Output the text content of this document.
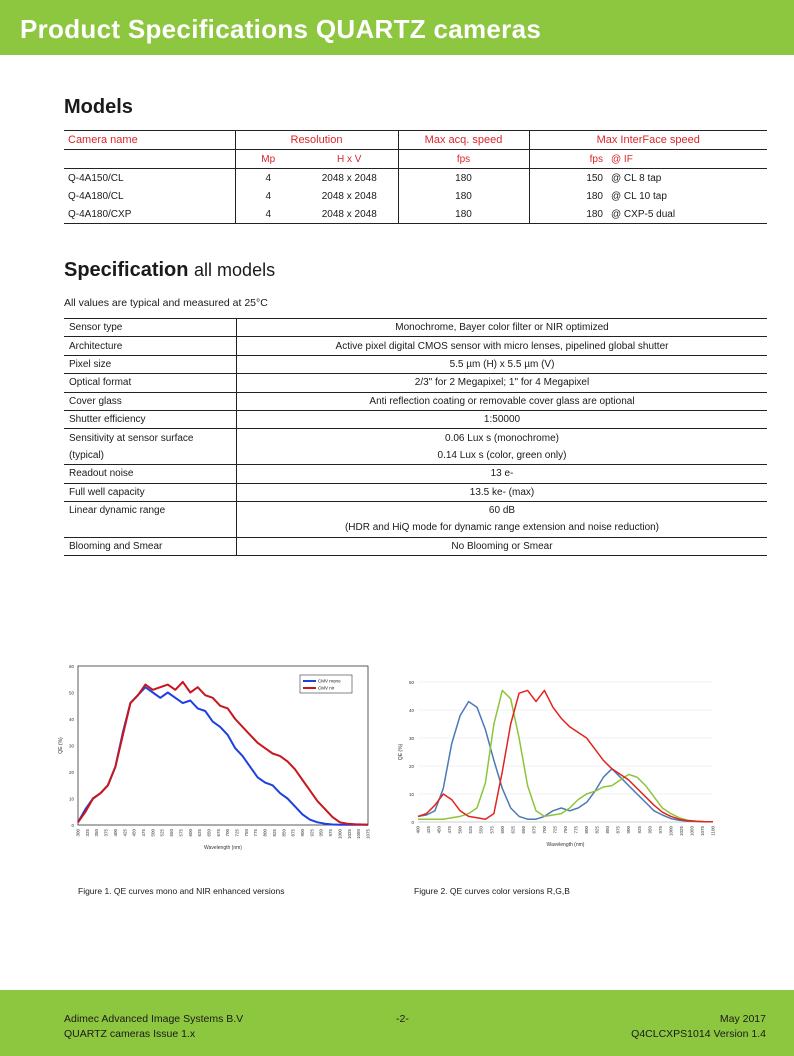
Product Specifications QUARTZ cameras
Models
Camera name	Resolution		Max acq. speed	Max InterFace speed	
	Mp	H x V	fps	fps	@ IF
Q-4A150/CL	4	2048 x 2048	180	150	@ CL 8 tap
Q-4A180/CL	4	2048 x 2048	180	180	@ CL 10 tap
Q-4A180/CXP	4	2048 x 2048	180	180	@ CXP-5 dual
Specification all models
All values are typical and measured at 25°C
Sensor type	Monochrome, Bayer color filter or NIR optimized
Architecture	Active pixel digital CMOS sensor with micro lenses, pipelined global shutter
Pixel size	5.5 µm (H) x 5.5 µm (V)
Optical format	2/3" for 2 Megapixel; 1" for 4 Megapixel
Cover glass	Anti reflection coating or removable cover glass are optional
Shutter efficiency	1:50000
Sensitivity at sensor surface	0.06 Lux s (monochrome)
(typical)	0.14 Lux s (color, green only)
Readout noise	13 e-
Full well capacity	13.5 ke- (max)
Linear dynamic range	60 dB
	(HDR and HiQ mode for dynamic range extension and noise reduction)
Blooming and Smear	No Blooming or Smear
0
10
20
30
40
50
60
300 325 350 375 400 425 450 475 500 525 550 575 600 625 650 675 700 725 750 775 800 825 850 875 900 925 950 975 1000 1025 1050 1075
Wavelength (nm)
QE (%)
CMV mono
CMV nir
0
10
20
30
40
50
400 425 450 475 500 525 550 575 600 625 650 675 700 725 750 775 800 825 850 875 900 925 950 975 1000 1025 1050 1075 1100
Wavelength (nm)
QE (%)
Figure 1. QE curves mono and NIR enhanced versions	Figure 2. QE curves color versions R,G,B
Adimec Advanced Image Systems B.V
QUARTZ cameras Issue 1.x
-2-	May 2017
Q4CLCXPS1014 Version 1.4
